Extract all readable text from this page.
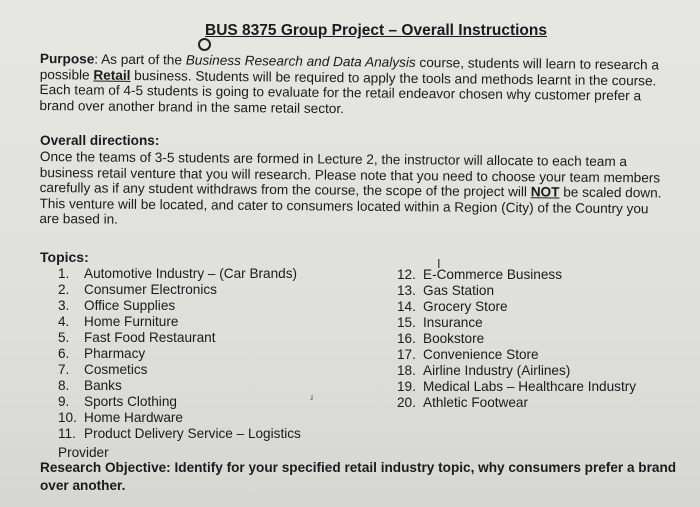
BUS 8375 Group Project – Overall Instructions
Purpose: As part of the Business Research and Data Analysis course, students will learn to research a possible Retail business. Students will be required to apply the tools and methods learnt in the course. Each team of 4-5 students is going to evaluate for the retail endeavor chosen why customer prefer a brand over another brand in the same retail sector.
Overall directions:
Once the teams of 3-5 students are formed in Lecture 2, the instructor will allocate to each team a business retail venture that you will research. Please note that you need to choose your team members carefully as if any student withdraws from the course, the scope of the project will NOT be scaled down. This venture will be located, and cater to consumers located within a Region (City) of the Country you are based in.
Topics:
1.	Automotive Industry – (Car Brands)
2.	Consumer Electronics
3.	Office Supplies
4.	Home Furniture
5.	Fast Food Restaurant
6.	Pharmacy
7.	Cosmetics
8.	Banks
9.	Sports Clothing
10. Home Hardware
11. Product Delivery Service – Logistics
Provider
I
12. E-Commerce Business
13. Gas Station
14. Grocery Store
15. Insurance
16. Bookstore
17. Convenience Store
18. Airline Industry (Airlines)
19. Medical Labs – Healthcare Industry
20. Athletic Footwear
ɹ
Research Objective: Identify for your specified retail industry topic, why consumers prefer a brand over another.
